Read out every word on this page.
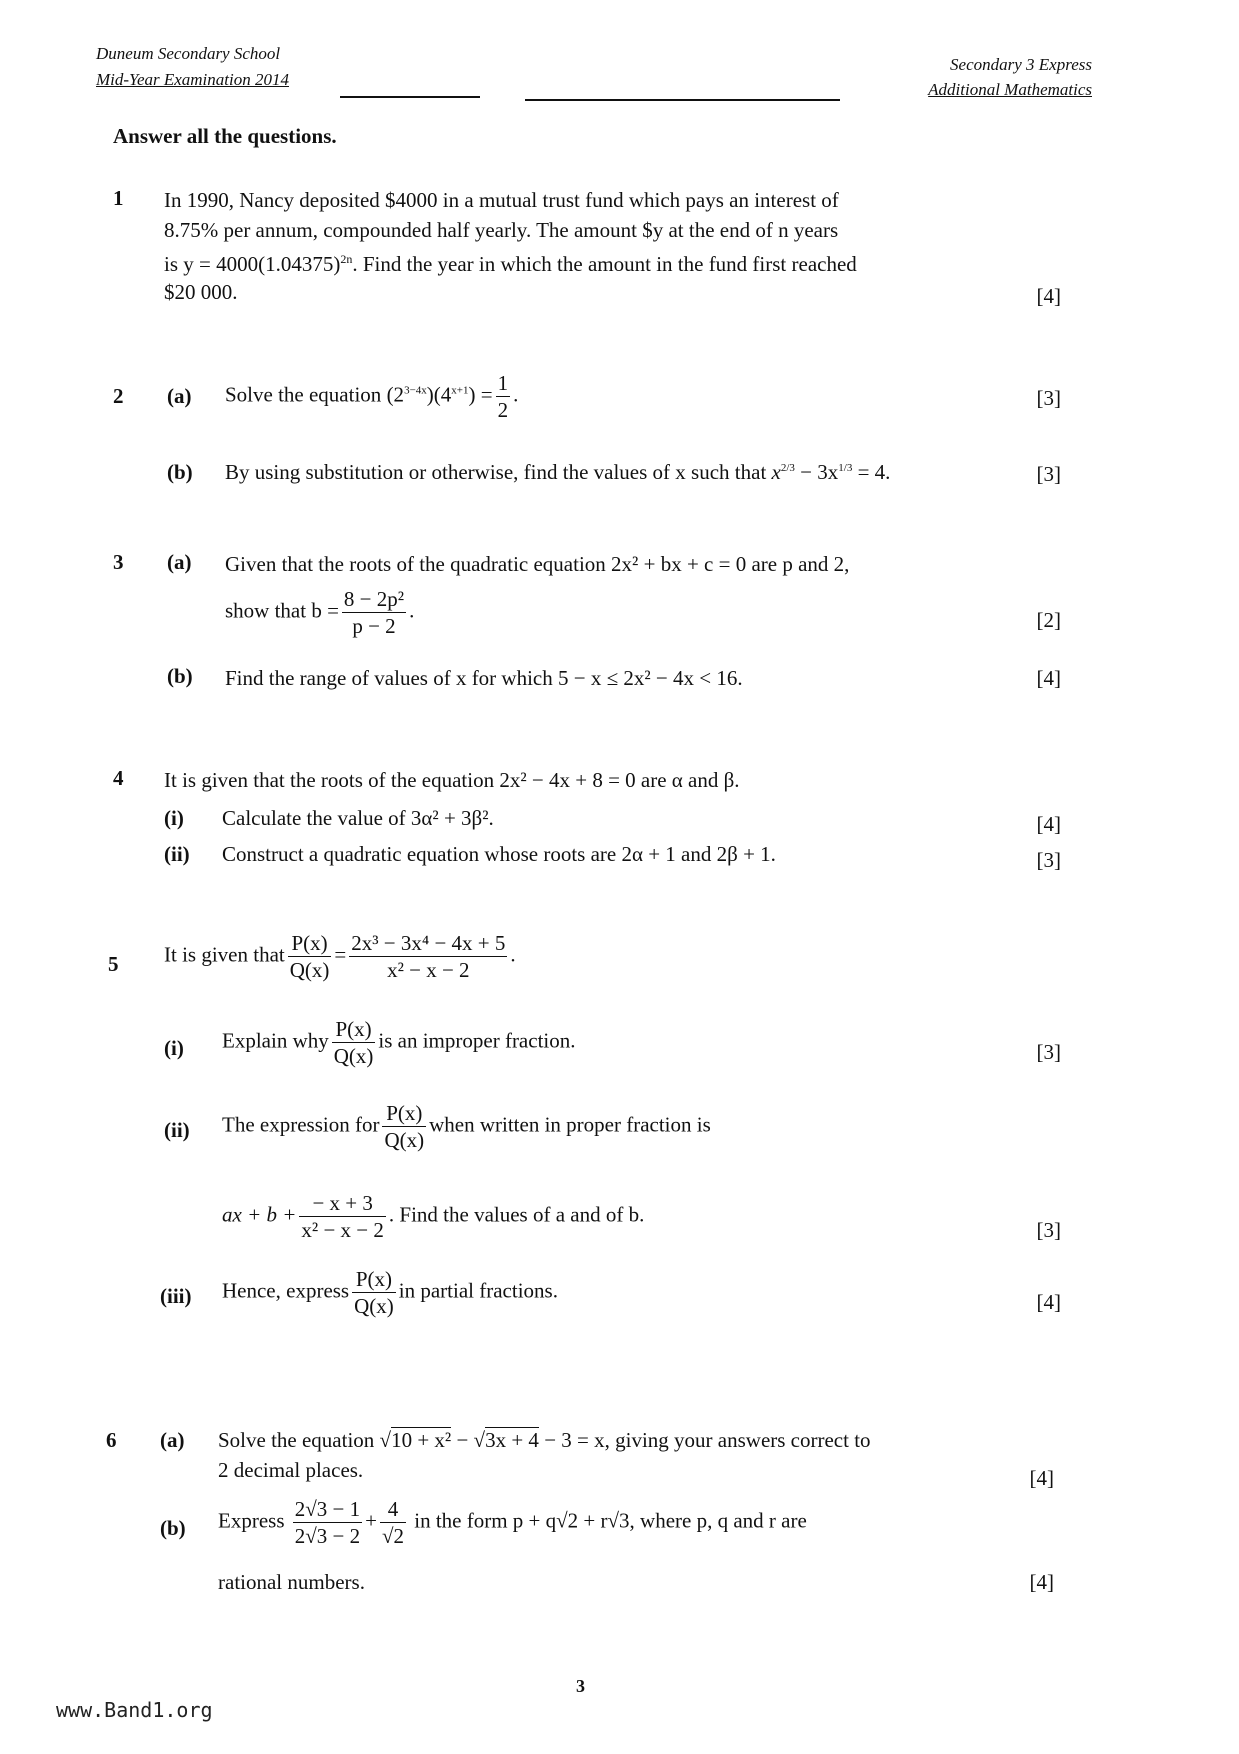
Duneum Secondary School
Mid-Year Examination 2014
Secondary 3 Express
Additional Mathematics
Answer all the questions.
1 In 1990, Nancy deposited $4000 in a mutual trust fund which pays an interest of
8.75% per annum, compounded half yearly. The amount $y at the end of n years
is $y = 4000(1.04375)^{2n}$. Find the year in which the amount in the fund first reached
$20 000.	[4]
2 (a) Solve the equation $(2^{3-4x})(4^{x+1}) = \frac{1}{2}$ .	[3]
(b) By using substitution or otherwise, find the values of x such that $x^{2/3} - 3x^{1/3} = 4$.	[3]
3 (a) Given that the roots of the quadratic equation 2x² + bx + c = 0 are p and 2,
show that $b = \frac{\text{8 − 2p²}}{p - 2}$ .	[2]
(b) Find the range of values of x for which 5 − x ≤ 2x² − 4x < 16.	[4]
4 It is given that the roots of the equation 2x² − 4x + 8 = 0 are α and β.
(i) Calculate the value of 3α² + 3β².	[4]
(ii) Construct a quadratic equation whose roots are 2α + 1 and 2β + 1.	[3]
5 It is given that $\frac{P(x)}{Q(x)} = \frac{\text{2x³ − 3x⁴ − 4x + 5}}{\text{x² − x − 2}}$ .
(i) Explain why $\frac{P(x)}{Q(x)}$ is an improper fraction.	[3]
(ii) The expression for $\frac{P(x)}{Q(x)}$ when written in proper fraction is
ax + $b + \frac{- x + 3}{\text{x² − x − 2}}$ . Find the values of a and of b.
[3]
(iii) Hence, express $\frac{P(x)}{Q(x)}$ in partial fractions.	[4]
6 (a) Solve the equation √10 + x² − √3x + 4 − 3 = x, giving your answers correct to
2 decimal places.	[4]
(b) Express $\frac{2√3 - 1}{2√3 - 2} + \frac{4}{√2}$ in the form p + q√2 + r√3, where p, q and r are
rational numbers.	[4]
3
www.Band1.org
